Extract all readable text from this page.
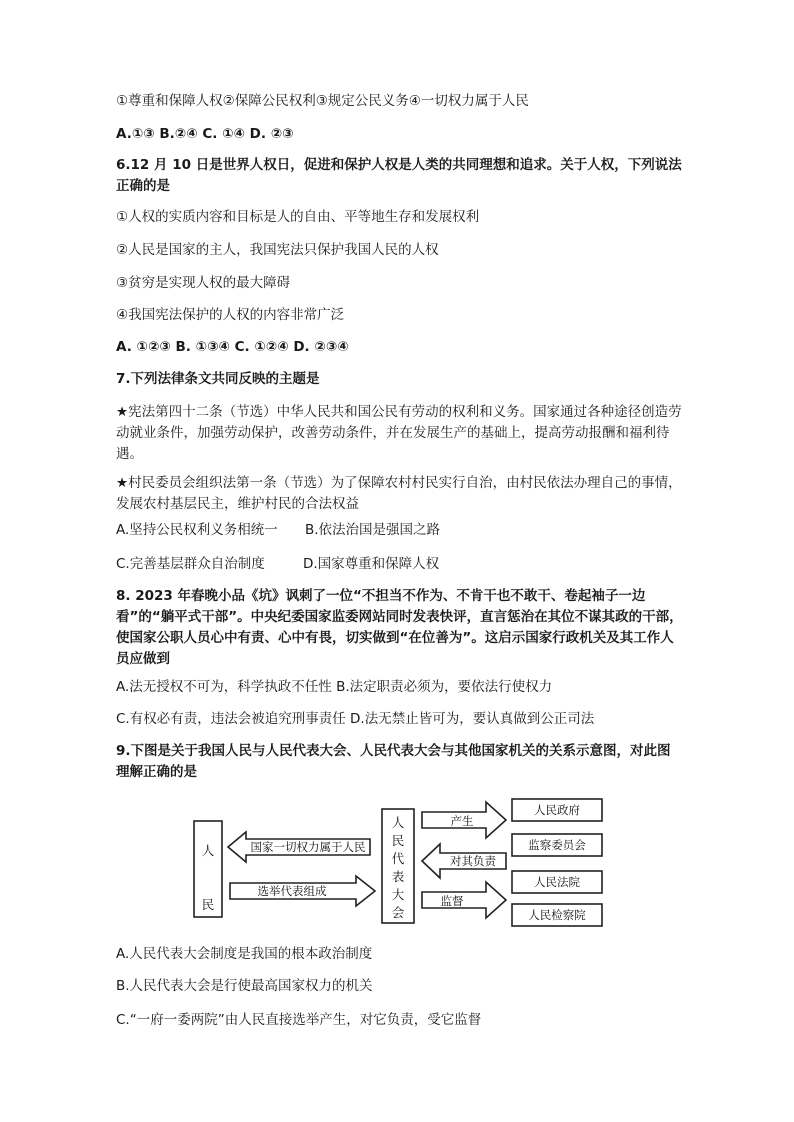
①尊重和保障人权②保障公民权利③规定公民义务④一切权力属于人民
A.①③ B.②④ C. ①④ D. ②③
6.12 月 10 日是世界人权日，促进和保护人权是人类的共同理想和追求。关于人权，下列说法正确的是
①人权的实质内容和目标是人的自由、平等地生存和发展权利
②人民是国家的主人，我国宪法只保护我国人民的人权
③贫穷是实现人权的最大障碍
④我国宪法保护的人权的内容非常广泛
A. ①②③ B. ①③④ C. ①②④ D. ②③④
7.下列法律条文共同反映的主题是
★宪法第四十二条（节选）中华人民共和国公民有劳动的权利和义务。国家通过各种途径创造劳动就业条件，加强劳动保护，改善劳动条件，并在发展生产的基础上，提高劳动报酬和福利待遇。
★村民委员会组织法第一条（节选）为了保障农村村民实行自治，由村民依法办理自己的事情，发展农村基层民主，维护村民的合法权益
A.坚持公民权利义务相统一 B.依法治国是强国之路
C.完善基层群众自治制度	D.国家尊重和保障人权
8. 2023 年春晚小品《坑》讽刺了一位“不担当不作为、不肯干也不敢干、卷起袖子一边看”的“躺平式干部”。中央纪委国家监委网站同时发表快评，直言惩治在其位不谋其政的干部，使国家公职人员心中有责、心中有畏，切实做到“在位善为”。这启示国家行政机关及其工作人员应做到
A.法无授权不可为，科学执政不任性 B.法定职责必须为，要依法行使权力
C.有权必有责，违法会被追究刑事责任 D.法无禁止皆可为，要认真做到公正司法
9.下图是关于我国人民与人民代表大会、人民代表大会与其他国家机关的关系示意图，对此图 理解正确的是
人
民
国家一切权力属于人民
选举代表组成
人
民
代
表
大
会
产生
对其负责
监督
人民政府
监察委员会
人民法院
人民检察院
A.人民代表大会制度是我国的根本政治制度
B.人民代表大会是行使最高国家权力的机关
C.“一府一委两院”由人民直接选举产生，对它负责，受它监督
